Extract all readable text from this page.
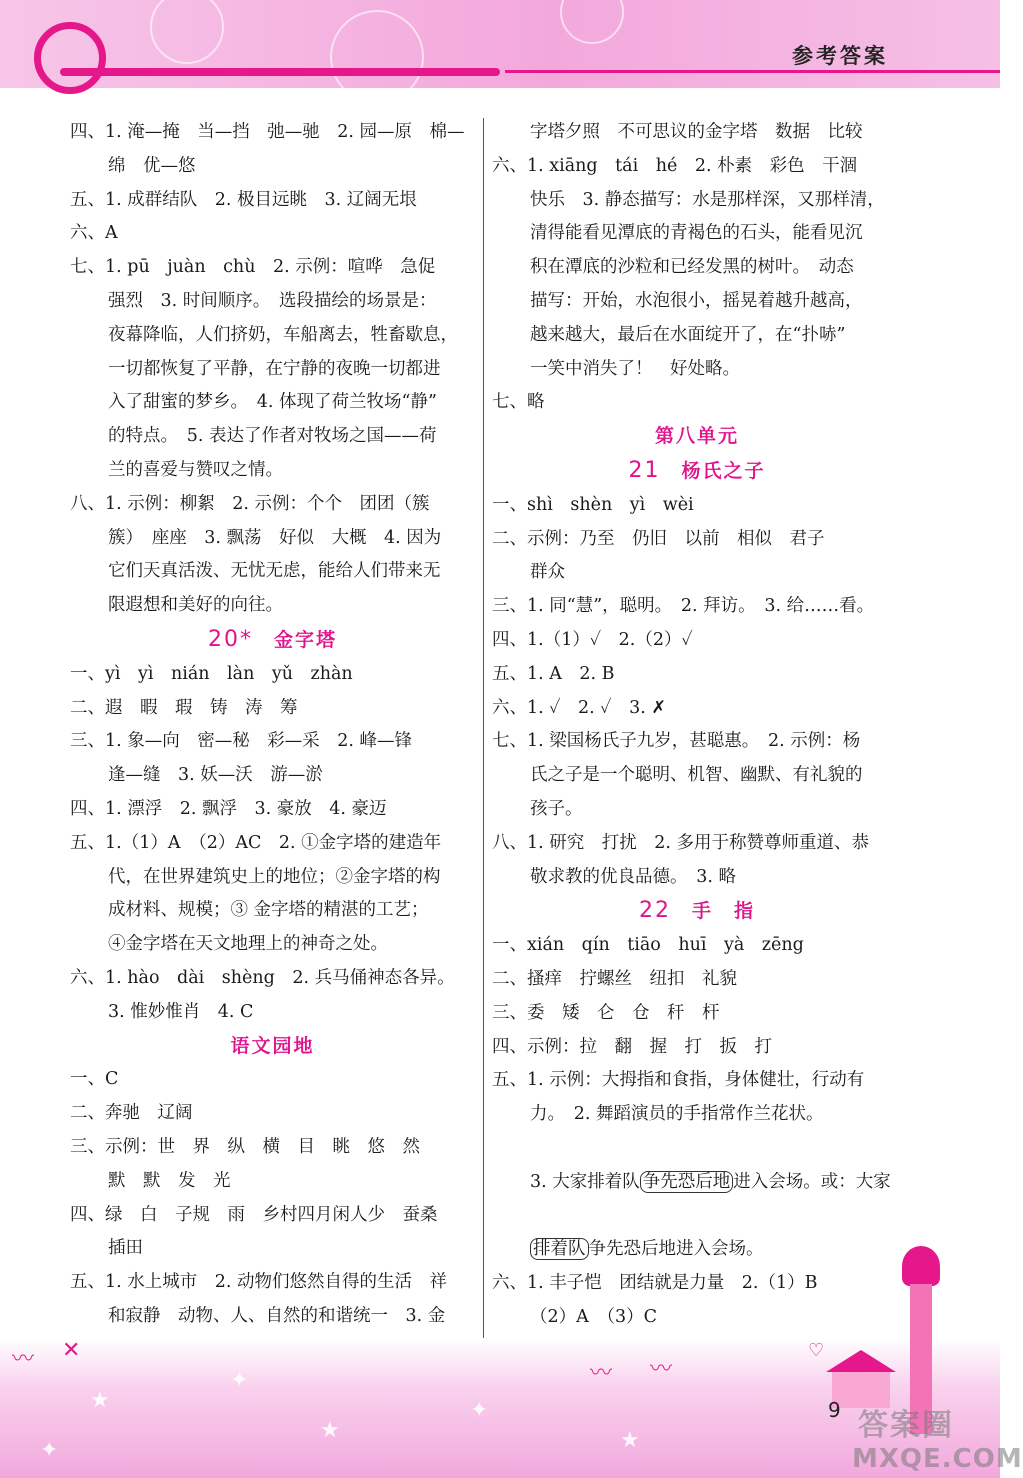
参考答案
四、1. 淹—掩　当—挡　弛—驰　2. 园—原　棉—
绵　优—悠
五、1. 成群结队　2. 极目远眺　3. 辽阔无垠
六、A
七、1. pū　juàn　chù　2. 示例：喧哗　急促
强烈　3. 时间顺序。　选段描绘的场景是：
夜幕降临，人们挤奶，车船离去，牲畜歇息，
一切都恢复了平静，在宁静的夜晚一切都进
入了甜蜜的梦乡。　4. 体现了荷兰牧场“静”
的特点。　5. 表达了作者对牧场之国——荷
兰的喜爱与赞叹之情。
八、1. 示例：柳絮　2. 示例：个个　团团（簇
簇）　座座　3. 飘荡　好似　大概　4. 因为
它们天真活泼、无忧无虑，能给人们带来无
限遐想和美好的向往。
20*　 金字塔
一、yì　yì　nián　làn　yǔ　zhàn
二、遐　暇　瑕　铸　涛　筹
三、1. 象—向　密—秘　彩—采　2. 峰—锋
逢—缝　3. 妖—沃　游—淤
四、1. 漂浮　2. 飘浮　3. 豪放　4. 豪迈
五、1.（1）A　（2）AC　2. ①金字塔的建造年
代，在世界建筑史上的地位；②金字塔的构
成材料、规模；③ 金字塔的精湛的工艺；
④金字塔在天文地理上的神奇之处。
六、1. hào　dài　shèng　2. 兵马俑神态各异。
3. 惟妙惟肖　4. C
语文园地
一、C
二、奔驰　辽阔
三、示例：世　界　纵　横　目　眺　悠　然
默　默　发　光
四、绿　白　子规　雨　乡村四月闲人少　蚕桑
插田
五、1. 水上城市　2. 动物们悠然自得的生活　祥
和寂静　动物、人、自然的和谐统一　3. 金
字塔夕照　不可思议的金字塔　数据　比较
六、1. xiāng　tái　hé　2. 朴素　彩色　干涸
快乐　3. 静态描写：水是那样深，又那样清，
清得能看见潭底的青褐色的石头，能看见沉
积在潭底的沙粒和已经发黑的树叶。　动态
描写：开始，水泡很小，摇晃着越升越高，
越来越大，最后在水面绽开了，在“扑哧”
一笑中消失了！　好处略。
七、略
第八单元
21　 杨氏之子
一、shì　shèn　yì　wèi
二、示例：乃至　仍旧　以前　相似　君子
群众
三、1. 同“慧”，聪明。　2. 拜访。　3. 给……看。
四、1.（1）✓　2.（2）✓
五、1. A　2. B
六、1. ✓　2. ✓　3. ✗
七、1. 梁国杨氏子九岁，甚聪惠。　2. 示例：杨
氏之子是一个聪明、机智、幽默、有礼貌的
孩子。
八、1. 研究　打扰　2. 多用于称赞尊师重道、恭
敬求教的优良品德。　3. 略
22　 手　指
一、xián　qín　tiāo　huī　yà　zēng
二、搔痒　拧螺丝　纽扣　礼貌
三、委　矮　仑　仓　秆　杆
四、示例：拉　翻　握　打　扳　打
五、1. 示例：大拇指和食指，身体健壮，行动有
力。　2. 舞蹈演员的手指常作兰花状。

3. 大家排着队 争先恐后地 进入会场。或：大家

排着队 争先恐后地进入会场。
六、1. 丰子恺　团结就是力量　2.（1）B
（2）A　（3）C
★
✦
★
✦
★
✦
〰 ✕
〰 〰
♡
9 答案圈
MXQE.COM
